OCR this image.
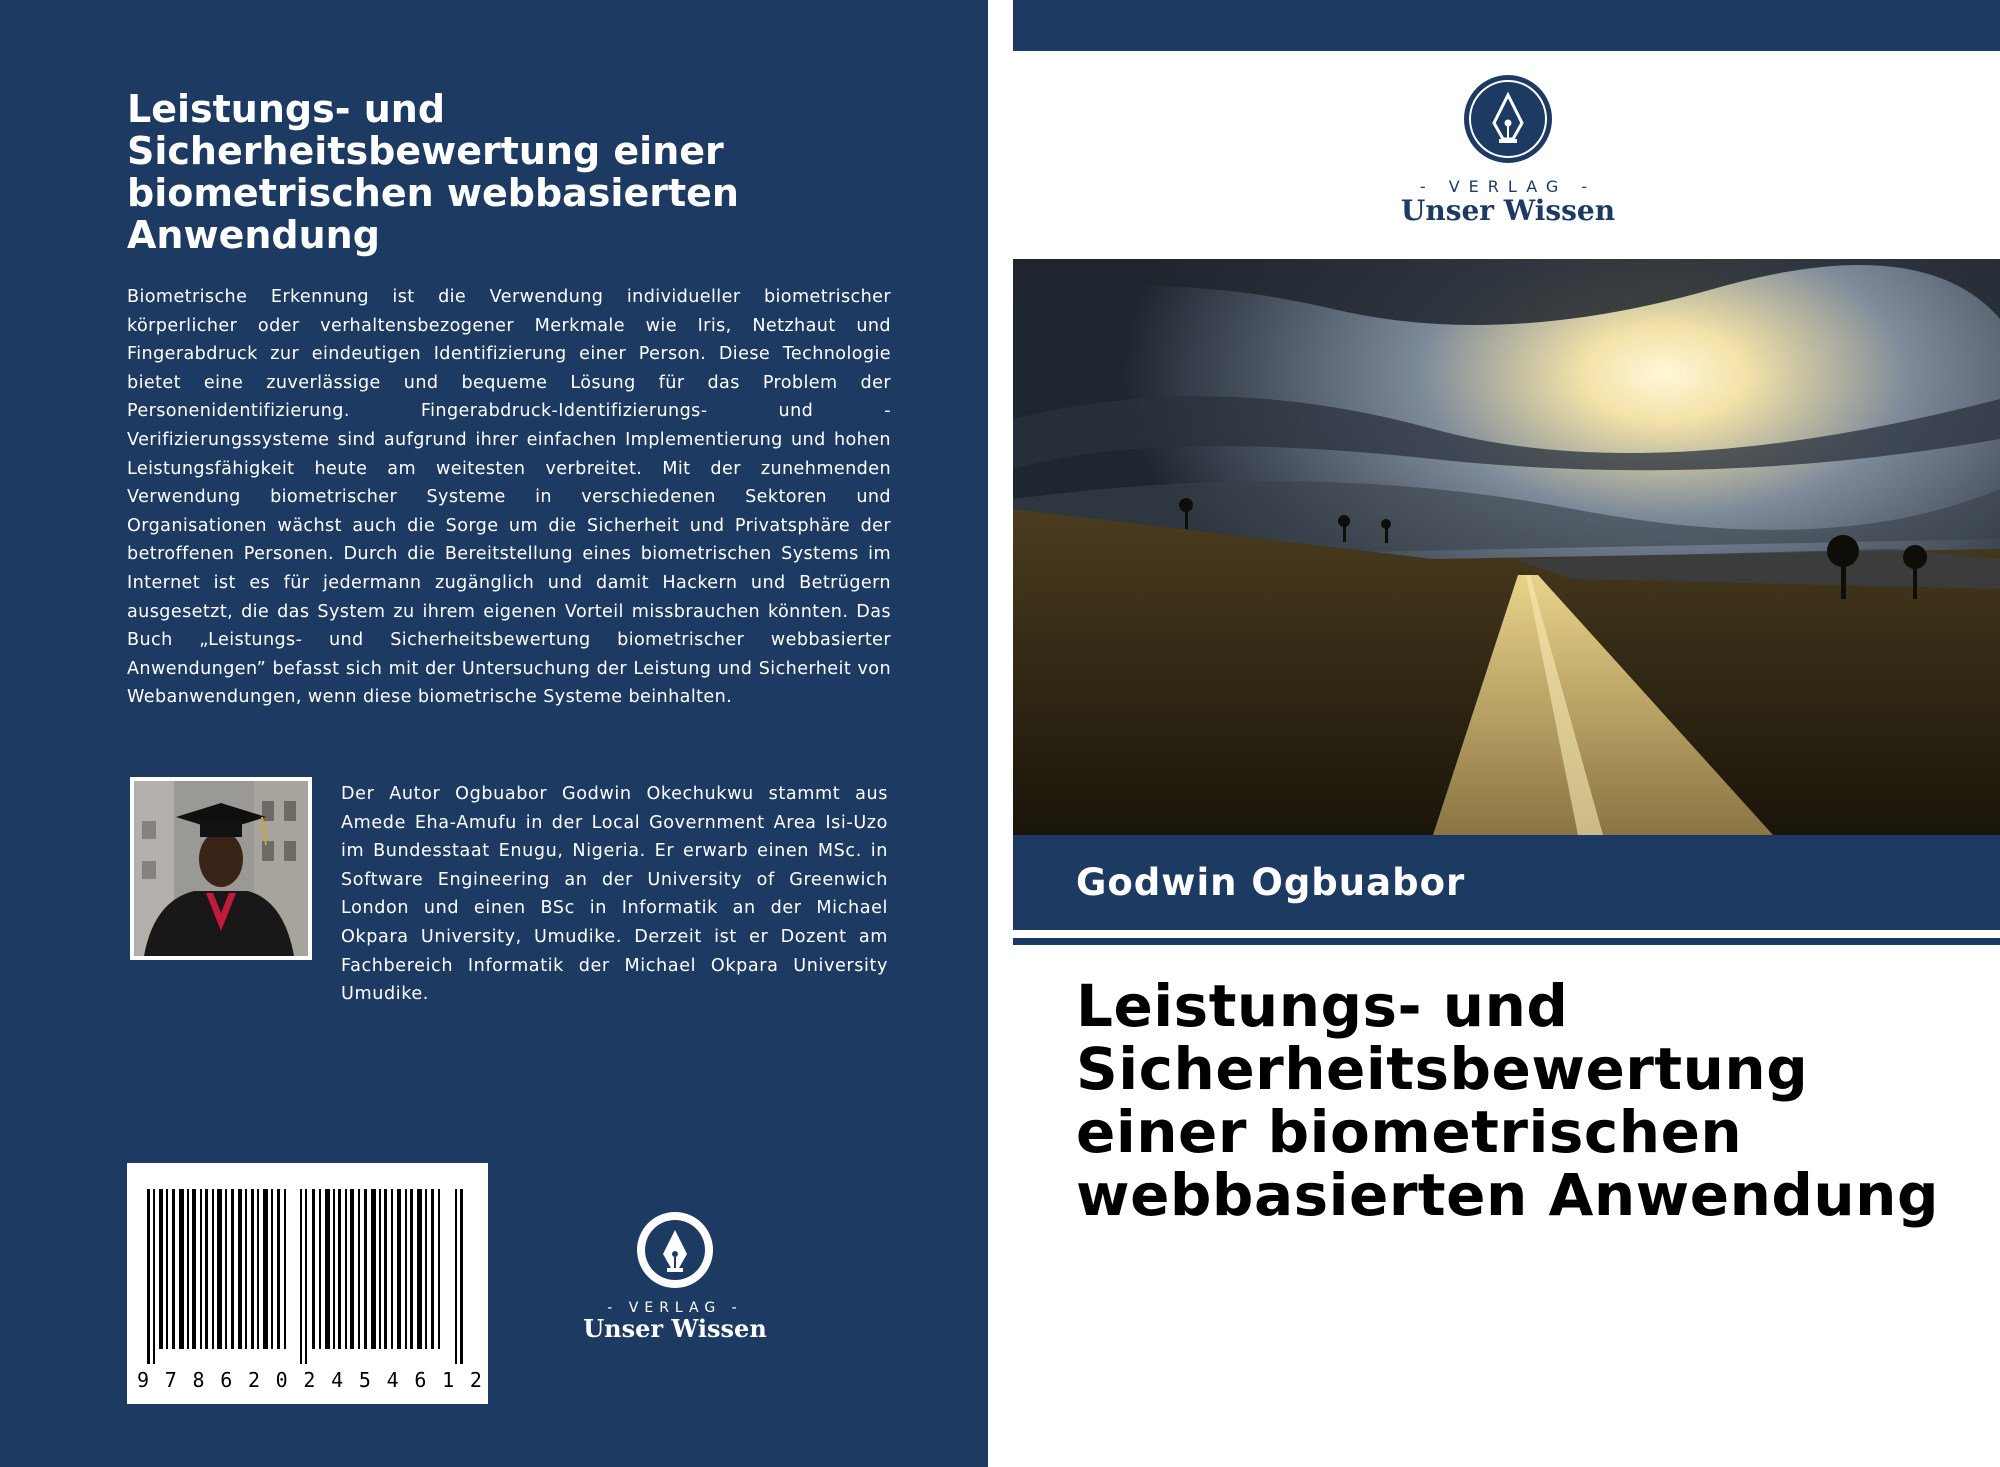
Leistungs- und Sicherheitsbewertung einer biometrischen webbasierten Anwendung
Biometrische Erkennung ist die Verwendung individueller biometrischer körperlicher oder verhaltensbezogener Merkmale wie Iris, Netzhaut und Fingerabdruck zur eindeutigen Identifizierung einer Person. Diese Technologie bietet eine zuverlässige und bequeme Lösung für das Problem der Personenidentifizierung. Fingerabdruck-Identifizierungs- und -Verifizierungssysteme sind aufgrund ihrer einfachen Implementierung und hohen Leistungsfähigkeit heute am weitesten verbreitet. Mit der zunehmenden Verwendung biometrischer Systeme in verschiedenen Sektoren und Organisationen wächst auch die Sorge um die Sicherheit und Privatsphäre der betroffenen Personen. Durch die Bereitstellung eines biometrischen Systems im Internet ist es für jedermann zugänglich und damit Hackern und Betrügern ausgesetzt, die das System zu ihrem eigenen Vorteil missbrauchen könnten. Das Buch „Leistungs- und Sicherheitsbewertung biometrischer webbasierter Anwendungen” befasst sich mit der Untersuchung der Leistung und Sicherheit von Webanwendungen, wenn diese biometrische Systeme beinhalten.
Der Autor Ogbuabor Godwin Okechukwu stammt aus Amede Eha-Amufu in der Local Government Area Isi-Uzo im Bundesstaat Enugu, Nigeria. Er erwarb einen MSc. in Software Engineering an der University of Greenwich London und einen BSc in Informatik an der Michael Okpara University, Umudike. Derzeit ist er Dozent am Fachbereich Informatik der Michael Okpara University Umudike.
9 7 8 6 2 0 2 4 5 4 6 1 2
- VERLAG -
Unser Wissen
- VERLAG -
Unser Wissen
Godwin Ogbuabor
Leistungs- und Sicherheitsbewertung einer biometrischen webbasierten Anwendung
